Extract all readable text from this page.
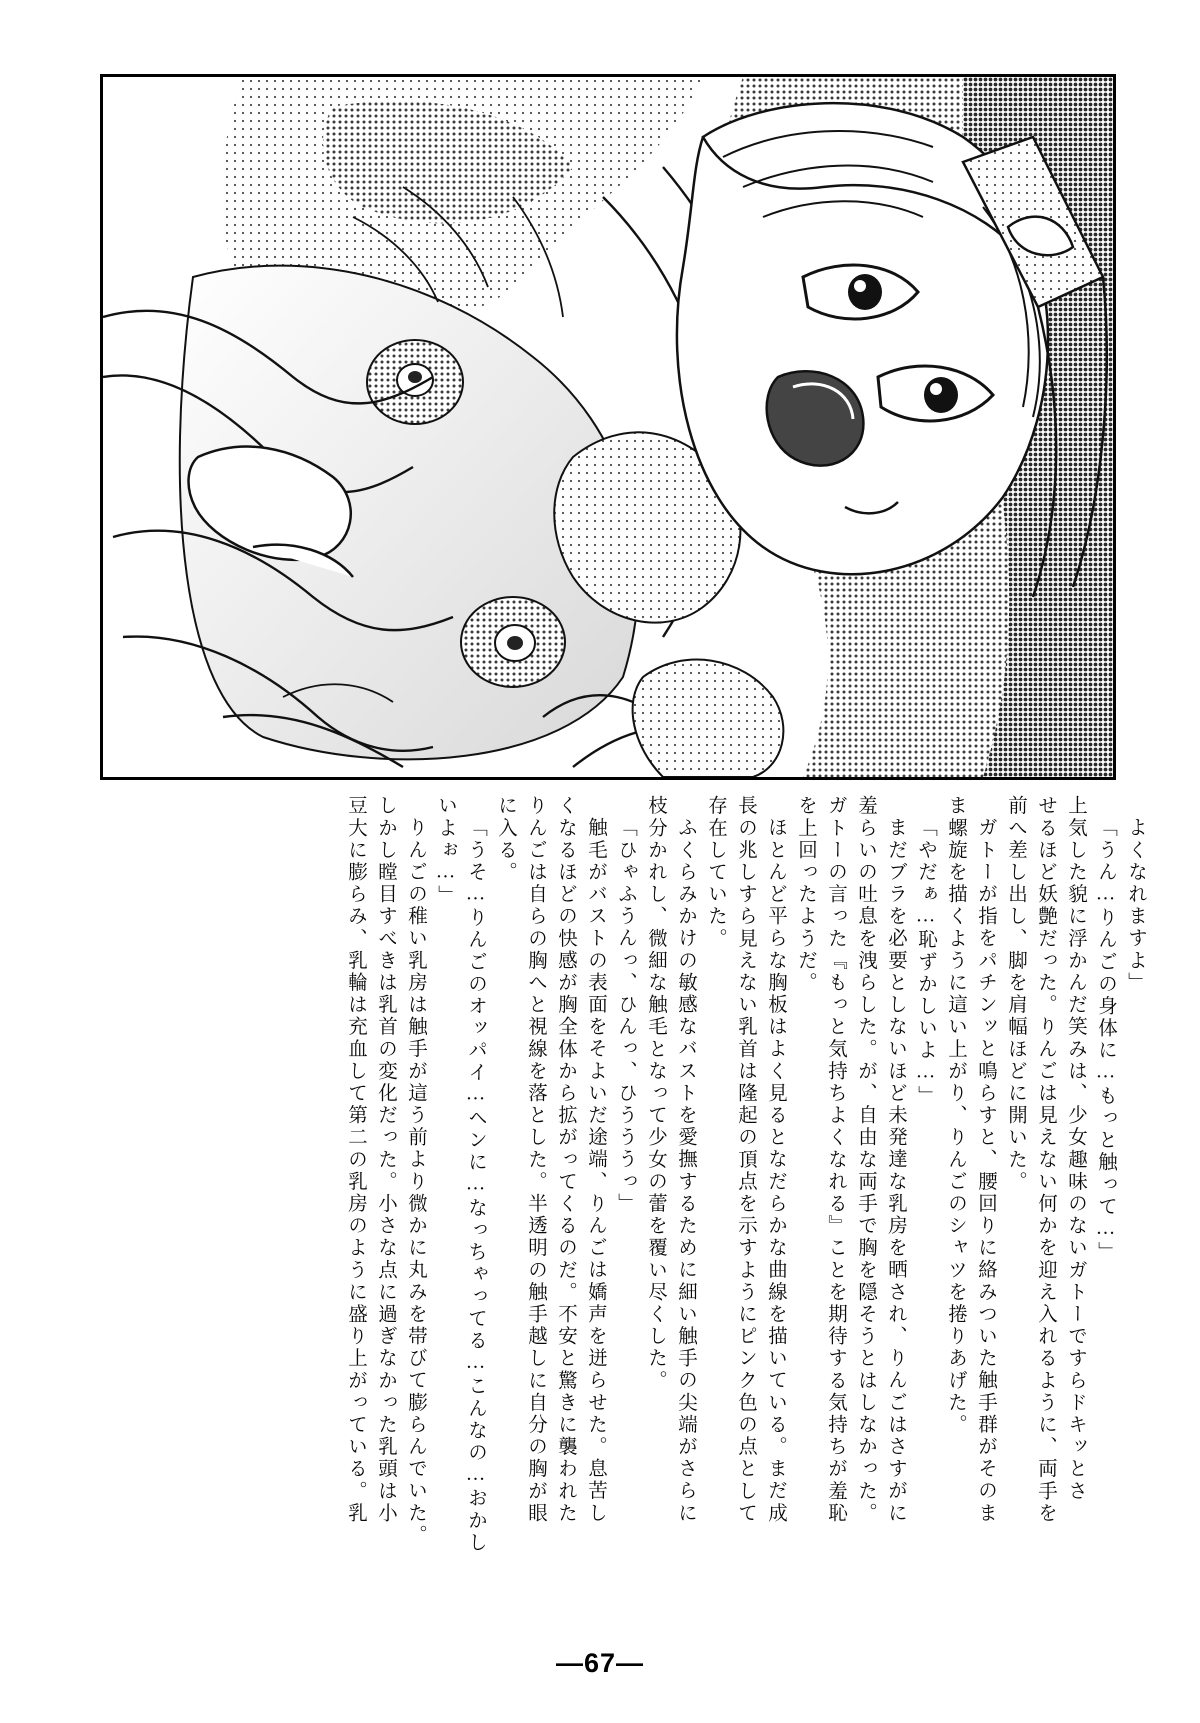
よくなれますよ」
「うん…りんごの身体に…もっと触って…」
上気した貌に浮かんだ笑みは、少女趣味のないガトーですらドキッとさ
せるほど妖艶だった。りんごは見えない何かを迎え入れるように、両手を
前へ差し出し、脚を肩幅ほどに開いた。
ガトーが指をパチンッと鳴らすと、腰回りに絡みついた触手群がそのま
ま螺旋を描くように這い上がり、りんごのシャツを捲りあげた。
「やだぁ…恥ずかしいよ…」
まだブラを必要としないほど未発達な乳房を晒され、りんごはさすがに
羞らいの吐息を洩らした。が、自由な両手で胸を隠そうとはしなかった。
ガトーの言った『もっと気持ちよくなれる』ことを期待する気持ちが羞恥
を上回ったようだ。
ほとんど平らな胸板はよく見るとなだらかな曲線を描いている。まだ成
長の兆しすら見えない乳首は隆起の頂点を示すようにピンク色の点として
存在していた。
ふくらみかけの敏感なバストを愛撫するために細い触手の尖端がさらに
枝分かれし、微細な触毛となって少女の蕾を覆い尽くした。
「ひゃふうんっ、ひんっ、ひうううっ」
触毛がバストの表面をそよいだ途端、りんごは嬌声を迸らせた。息苦し
くなるほどの快感が胸全体から拡がってくるのだ。不安と驚きに襲われた
りんごは自らの胸へと視線を落とした。半透明の触手越しに自分の胸が眼
に入る。
「うそ…りんごのオッパイ…ヘンに…なっちゃってる…こんなの…おかし
いよぉ…」
りんごの稚い乳房は触手が這う前より微かに丸みを帯びて膨らんでいた。
しかし瞠目すべきは乳首の変化だった。小さな点に過ぎなかった乳頭は小
豆大に膨らみ、乳輪は充血して第二の乳房のように盛り上がっている。乳
—67—
